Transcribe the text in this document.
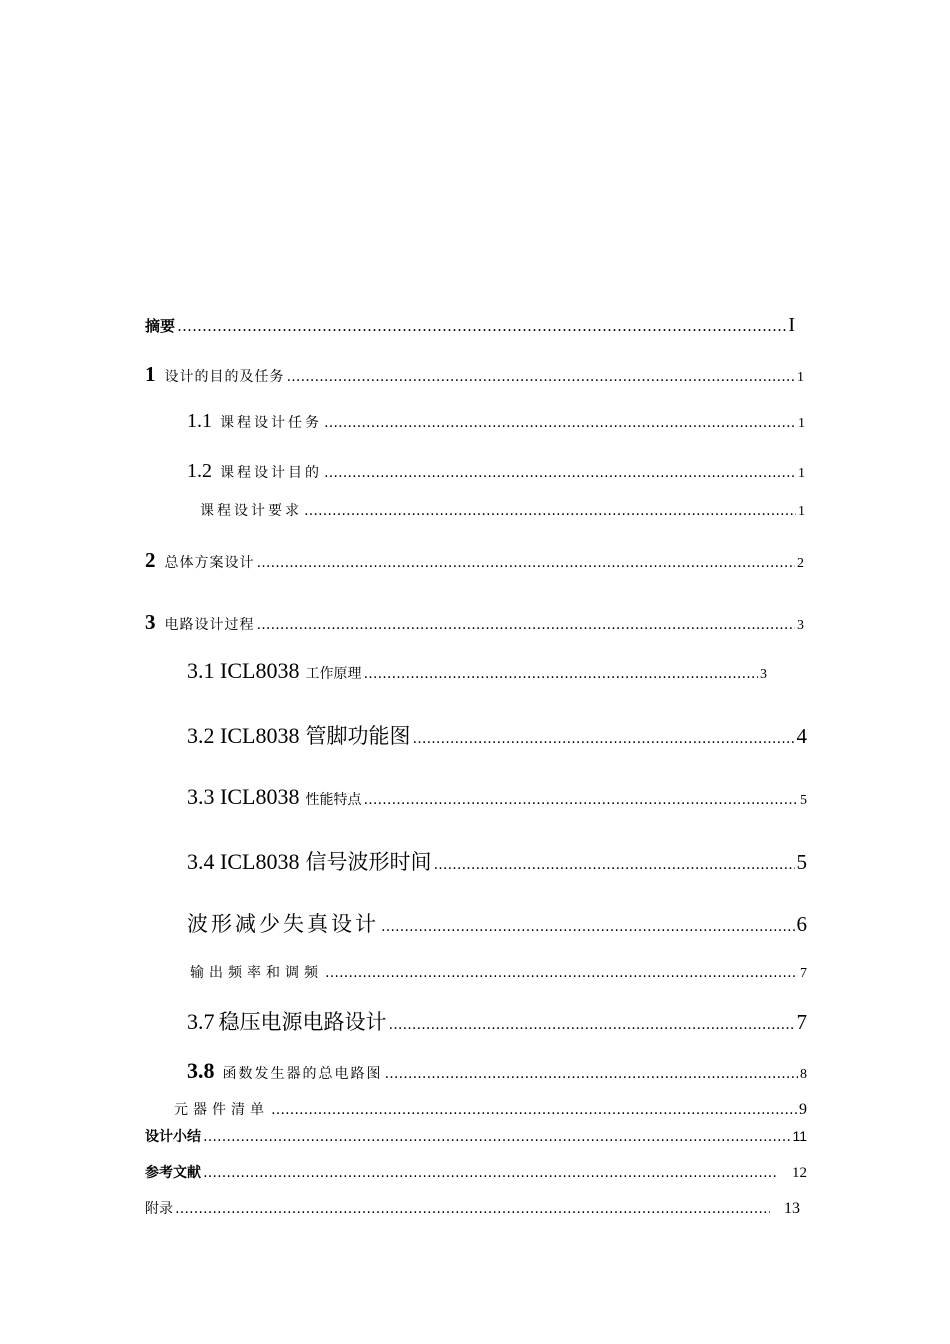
摘要 …………………………………………………………………………………………………………………………………………………………………………………………………………	I
1 设计的目的及任务 …………………………………………………………………………………………………………………………………………………………………………………………………………	1
1.1 课程设计任务 …………………………………………………………………………………………………………………………………………………………………………………………………………	1
1.2 课程设计目的 …………………………………………………………………………………………………………………………………………………………………………………………………………	1
课程设计要求 …………………………………………………………………………………………………………………………………………………………………………………………………………	1
2 总体方案设计 …………………………………………………………………………………………………………………………………………………………………………………………………………	2
3 电路设计过程 …………………………………………………………………………………………………………………………………………………………………………………………………………	3
3.1 ICL8038 工作原理 …………………………………………………………………………………………………………………………………………………………………………………………………………	3
3.2 ICL8038 管脚功能图 …………………………………………………………………………………………………………………………………………………………………………………………………………	4
3.3 ICL8038 性能特点 …………………………………………………………………………………………………………………………………………………………………………………………………………	5
3.4 ICL8038 信号波形时间 …………………………………………………………………………………………………………………………………………………………………………………………………………	5
波形减少失真设计 …………………………………………………………………………………………………………………………………………………………………………………………………………	6
输出频率和调频 …………………………………………………………………………………………………………………………………………………………………………………………………………	7
3.7 稳压电源电路设计 …………………………………………………………………………………………………………………………………………………………………………………………………………	7
3.8 函数发生器的总电路图 …………………………………………………………………………………………………………………………………………………………………………………………………………	8
元器件清单 …………………………………………………………………………………………………………………………………………………………………………………………………………	9
设计小结 …………………………………………………………………………………………………………………………………………………………………………………………………………	11
参考文献 …………………………………………………………………………………………………………………………………………………………………………………………………………	12
附录 …………………………………………………………………………………………………………………………………………………………………………………………………………	13
